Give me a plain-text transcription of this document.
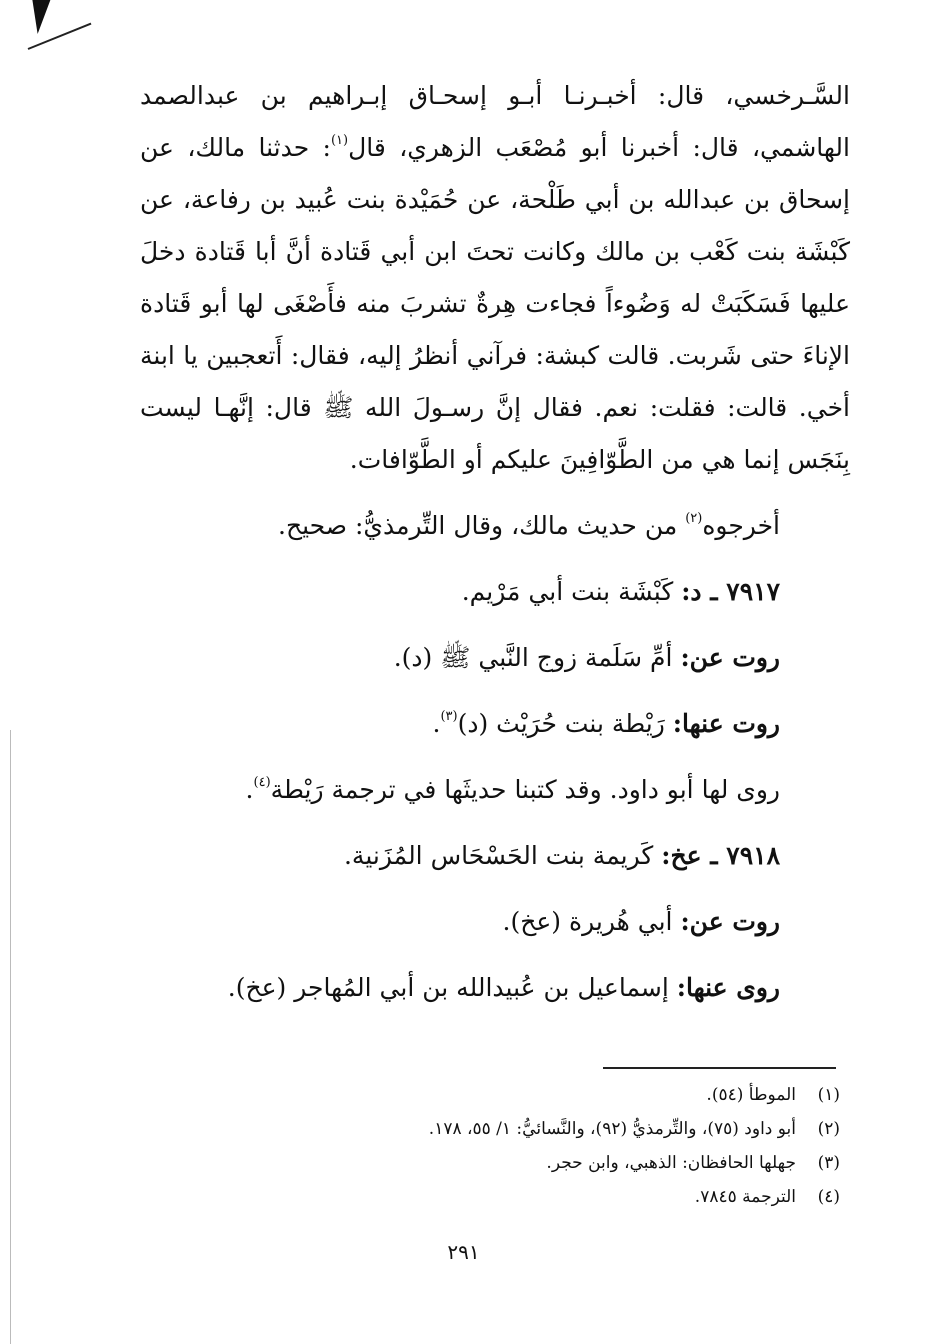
السَّـرخسي، قال: أخبـرنـا أبـو إسحـاق إبـراهيم بن عبدالصمد الهاشمي، قال: أخبرنا أبو مُصْعَب الزهري، قال$^{(١)}$: حدثنا مالك، عن إسحاق بن عبدالله بن أبي طَلْحة، عن حُمَيْدة بنت عُبيد بن رفاعة، عن كَبْشَة بنت كَعْب بن مالك وكانت تحتَ ابن أبي قَتادة أنَّ أبا قَتادة دخلَ عليها فَسَكَبَتْ له وَضُوءاً فجاءت هِرةٌ تشربَ منه فأَصْغَى لها أبو قَتادة الإناءَ حتى شَربت. قالت كبشة: فرآني أنظرُ إليه، فقال: أَتعجبين يا ابنة أخي. قالت: فقلت: نعم. فقال إنَّ رسـولَ الله ﷺ قال: إنَّهـا ليست بِنَجَس إنما هي من الطَّوّافِينَ عليكم أو الطَّوّافات.

أخرجوه$^{(٢)}$ من حديث مالك، وقال التِّرمذيُّ: صحيح.

٧٩١٧ ـ د: كَبْشَة بنت أبي مَرْيم.

روت عن: أمِّ سَلَمة زوج النَّبي ﷺ (د).

روت عنها: رَيْطة بنت حُرَيْث (د)$^{(٣)}$.

روى لها أبو داود. وقد كتبنا حديثَها في ترجمة رَيْطة$^{(٤)}$.

٧٩١٨ ـ عخ: كَريمة بنت الحَسْحَاس المُزَنية.

روت عن: أبي هُريرة (عخ).

روى عنها: إسماعيل بن عُبيدالله بن أبي المُهاجر (عخ).

(١)الموطأ (٥٤).
(٢)أبو داود (٧٥)، والتِّرمذيُّ (٩٢)، والنَّسائيُّ: ١/ ٥٥، ١٧٨.
(٣)جهلها الحافظان: الذهبي، وابن حجر.
(٤)الترجمة ٧٨٤٥.
٢٩١
